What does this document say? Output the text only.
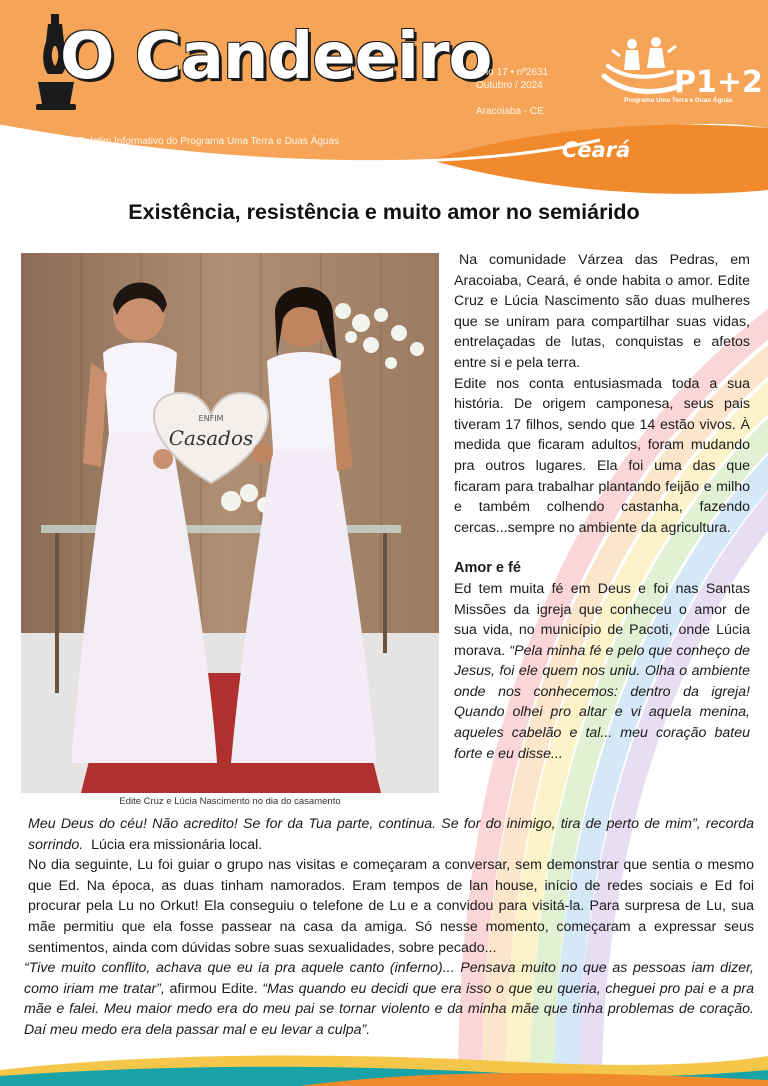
O Candeeiro
Ano 17 • nº2631
Outubro / 2024
Aracoiaba - CE
P1+2
Programa Uma Terra e Duas Águas
Boletim Informativo do Programa Uma Terra e Duas Águas	Ceará
Existência, resistência e muito amor no semiárido
ENFIM
Casados
Edite Cruz e Lúcia Nascimento no dia do casamento

Na comunidade Várzea das Pedras, em Aracoiaba, Ceará, é onde habita o amor. Edite Cruz e Lúcia Nascimento são duas mulheres que se uniram para compartilhar suas vidas, entrelaçadas de lutas, conquistas e afetos entre si e pela terra.

Edite nos conta entusiasmada toda a sua história. De origem camponesa, seus pais tiveram 17 filhos, sendo que 14 estão vivos. À medida que ficaram adultos, foram mudando pra outros lugares. Ela foi uma das que ficaram para trabalhar plantando feijão e milho e também colhendo castanha, fazendo cercas...sempre no ambiente da agricultura.

Amor e fé

Ed tem muita fé em Deus e foi nas Santas Missões da igreja que conheceu o amor de sua vida, no município de Pacoti, onde Lúcia morava. “Pela minha fé e pelo que conheço de Jesus, foi ele quem nos uniu. Olha o ambiente onde nos conhecemos: dentro da igreja! Quando olhei pro altar e vi aquela menina, aqueles cabelão e tal... meu coração bateu forte e eu disse...

Meu Deus do céu! Não acredito! Se for da Tua parte, continua. Se for do inimigo, tira de perto de mim”, recorda sorrindo. Lúcia era missionária local.

No dia seguinte, Lu foi guiar o grupo nas visitas e começaram a conversar, sem demonstrar que sentia o mesmo que Ed. Na época, as duas tinham namorados. Eram tempos de lan house, início de redes sociais e Ed foi procurar pela Lu no Orkut! Ela conseguiu o telefone de Lu e a convidou para visitá-la. Para surpresa de Lu, sua mãe permitiu que ela fosse passear na casa da amiga. Só nesse momento, começaram a expressar seus sentimentos, ainda com dúvidas sobre suas sexualidades, sobre pecado...

“Tive muito conflito, achava que eu ia pra aquele canto (inferno)... Pensava muito no que as pessoas iam dizer, como iriam me tratar”, afirmou Edite. “Mas quando eu decidi que era isso o que eu queria, cheguei pro pai e a pra mãe e falei. Meu maior medo era do meu pai se tornar violento e da minha mãe que tinha problemas de coração. Daí meu medo era dela passar mal e eu levar a culpa”.
